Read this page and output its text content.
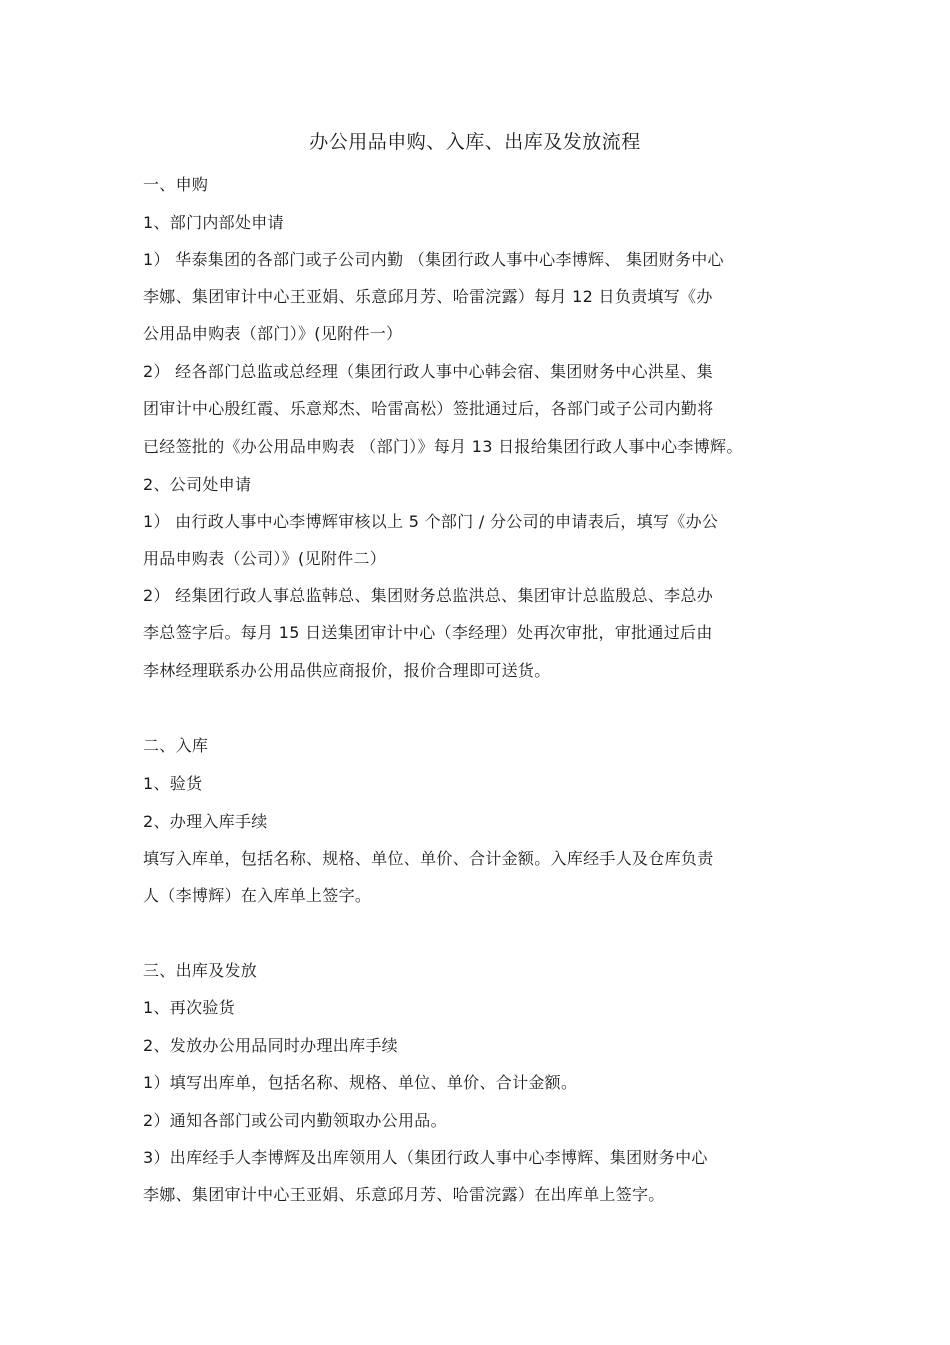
办公用品申购、入库、出库及发放流程
一、申购
1、部门内部处申请
1） 华泰集团的各部门或子公司内勤 （集团行政人事中心李博辉、 集团财务中心
李娜、集团审计中心王亚娟、乐意邱月芳、哈雷浣露）每月 12 日负责填写《办
公用品申购表（部门）》(见附件一）
2） 经各部门总监或总经理（集团行政人事中心韩会宿、集团财务中心洪星、集
团审计中心殷红霞、乐意郑杰、哈雷高松）签批通过后，各部门或子公司内勤将
已经签批的《办公用品申购表 （部门）》每月 13 日报给集团行政人事中心李博辉。
2、公司处申请
1） 由行政人事中心李博辉审核以上 5 个部门 / 分公司的申请表后，填写《办公
用品申购表（公司）》(见附件二）
2） 经集团行政人事总监韩总、集团财务总监洪总、集团审计总监殷总、李总办
李总签字后。每月 15 日送集团审计中心（李经理）处再次审批，审批通过后由
李林经理联系办公用品供应商报价，报价合理即可送货。
二、入库
1、验货
2、办理入库手续
填写入库单，包括名称、规格、单位、单价、合计金额。入库经手人及仓库负责
人（李博辉）在入库单上签字。
三、出库及发放
1、再次验货
2、发放办公用品同时办理出库手续
1）填写出库单，包括名称、规格、单位、单价、合计金额。
2）通知各部门或公司内勤领取办公用品。
3）出库经手人李博辉及出库领用人（集团行政人事中心李博辉、集团财务中心
李娜、集团审计中心王亚娟、乐意邱月芳、哈雷浣露）在出库单上签字。
